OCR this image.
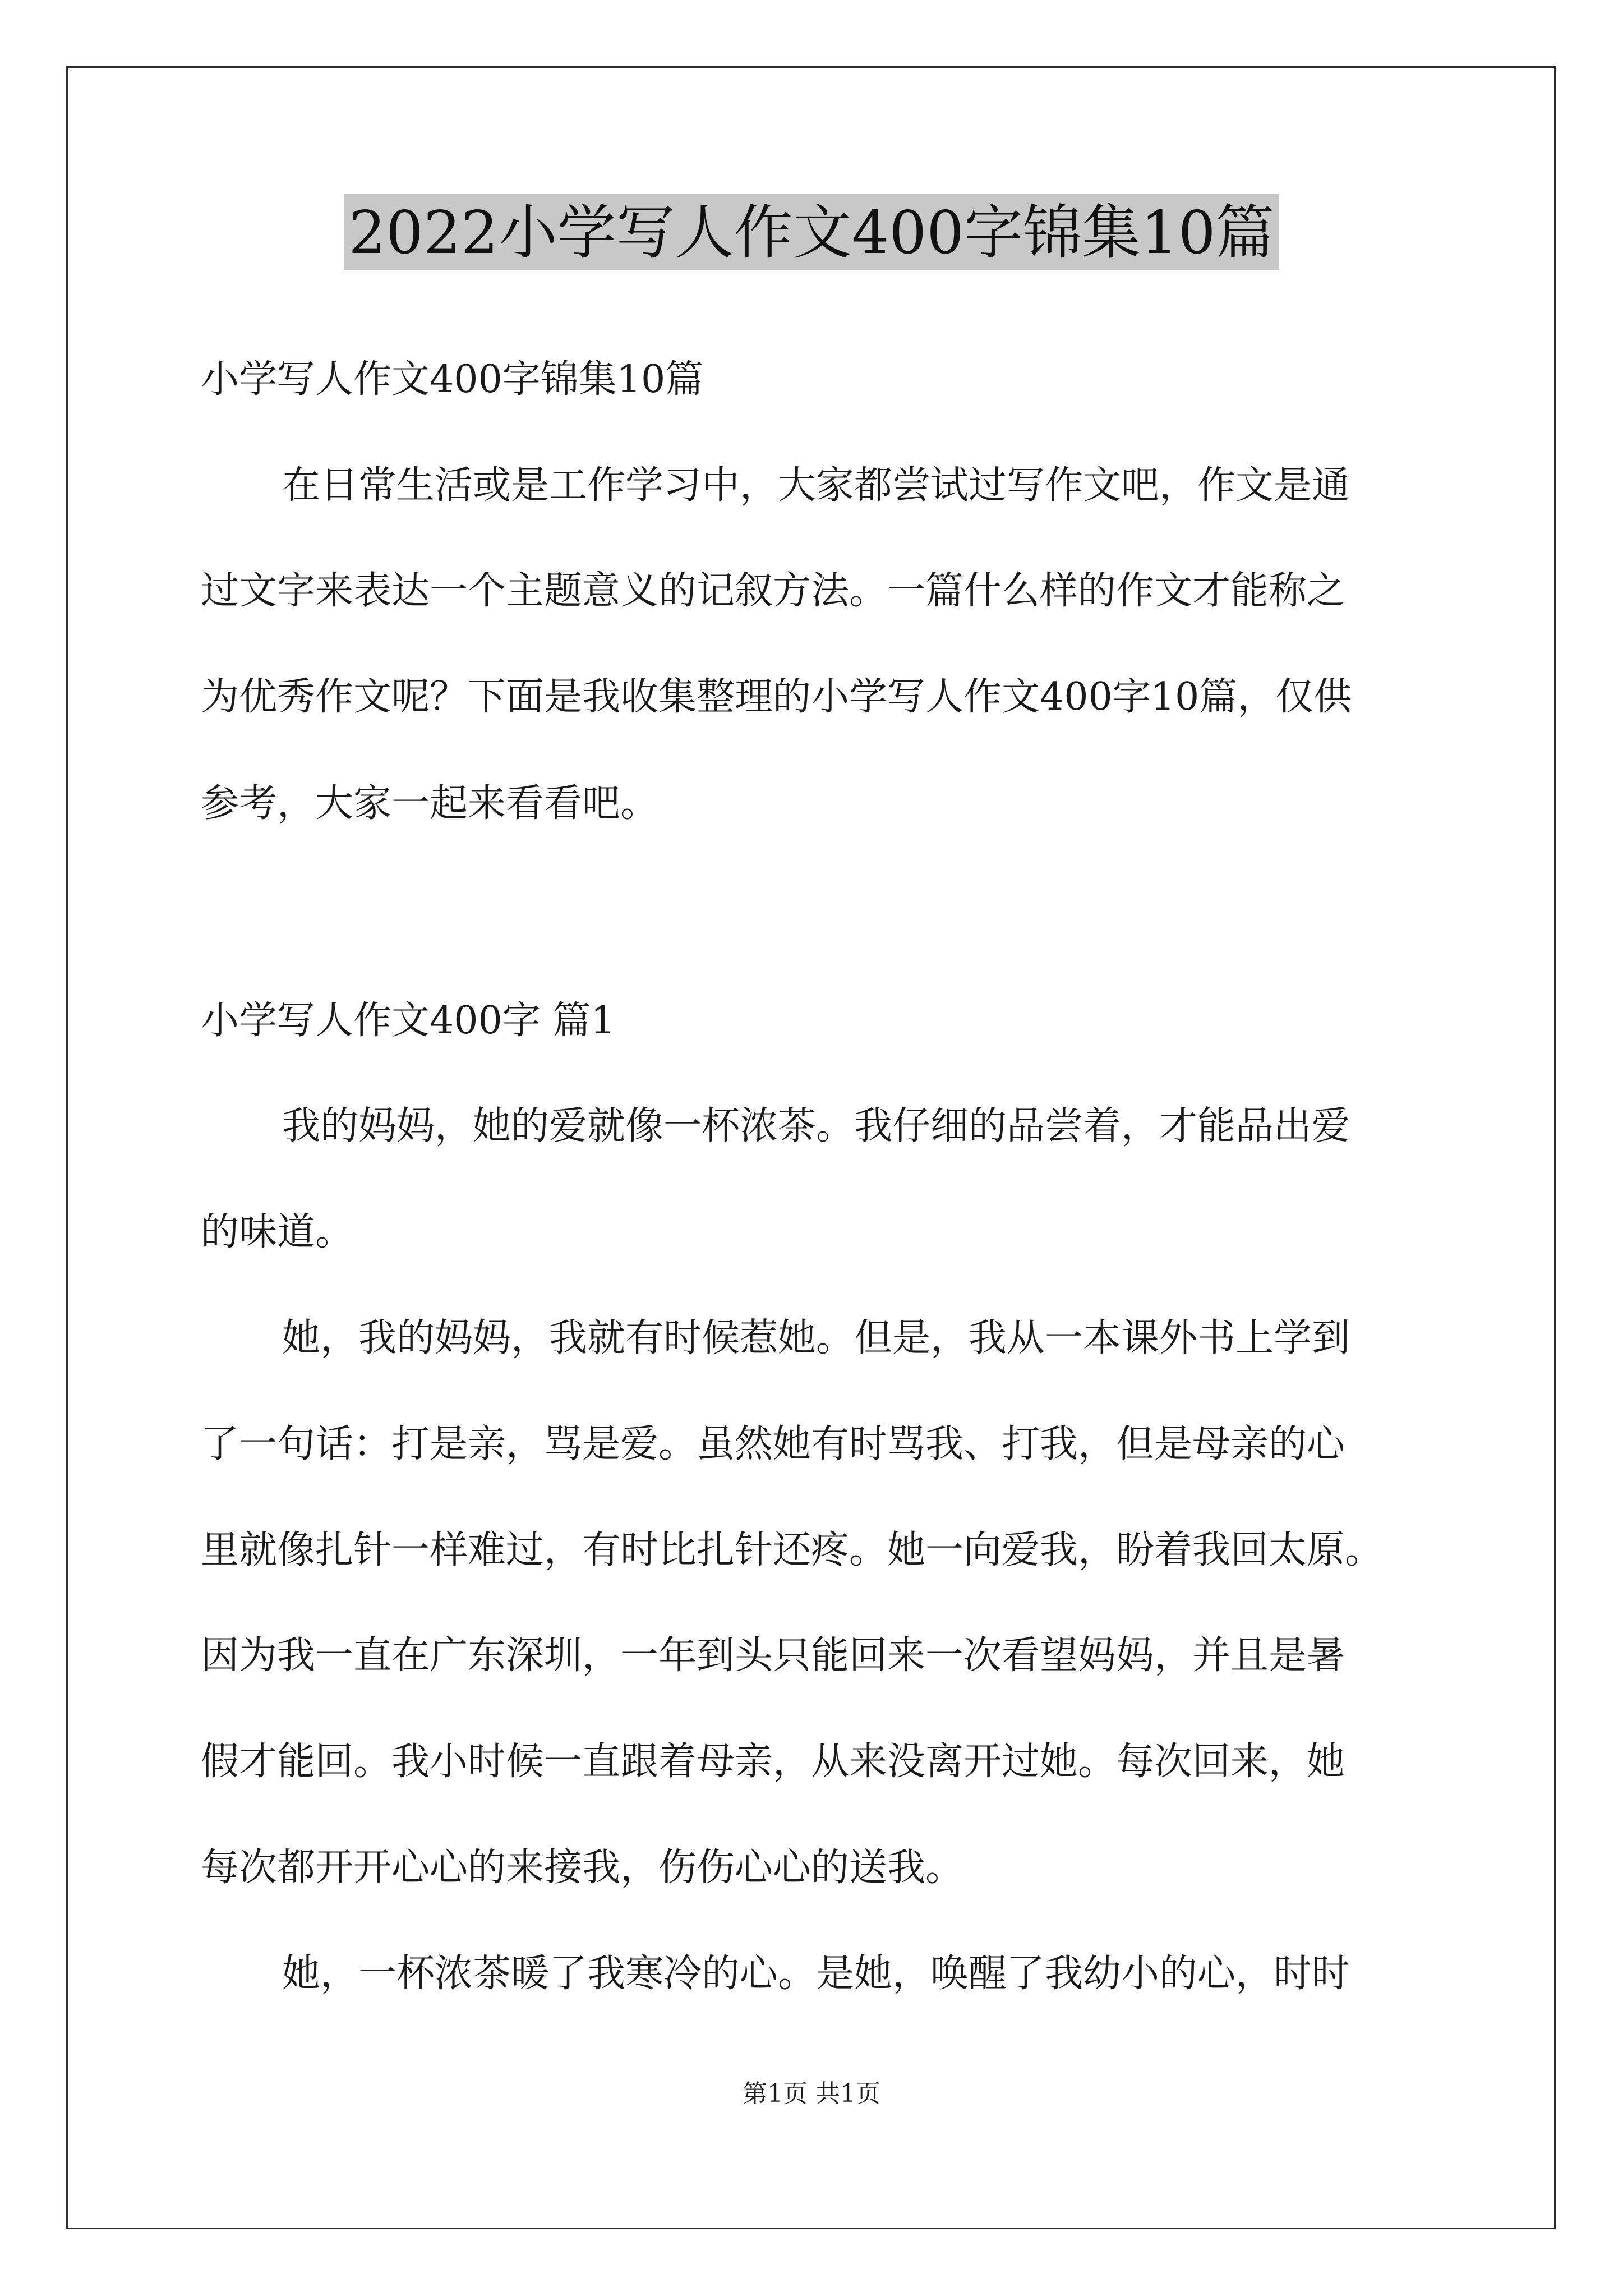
2022小学写人作文400字锦集10篇
小学写人作文400字锦集10篇
在日常生活或是工作学习中，大家都尝试过写作文吧，作文是通
过文字来表达一个主题意义的记叙方法。一篇什么样的作文才能称之
为优秀作文呢？下面是我收集整理的小学写人作文400字10篇，仅供
参考，大家一起来看看吧。
小学写人作文400字 篇1
我的妈妈，她的爱就像一杯浓茶。我仔细的品尝着，才能品出爱
的味道。
她，我的妈妈，我就有时候惹她。但是，我从一本课外书上学到
了一句话：打是亲，骂是爱。虽然她有时骂我、打我，但是母亲的心
里就像扎针一样难过，有时比扎针还疼。她一向爱我，盼着我回太原。
因为我一直在广东深圳，一年到头只能回来一次看望妈妈，并且是暑
假才能回。我小时候一直跟着母亲，从来没离开过她。每次回来，她
每次都开开心心的来接我，伤伤心心的送我。
她，一杯浓茶暖了我寒冷的心。是她，唤醒了我幼小的心，时时
第1页 共1页
